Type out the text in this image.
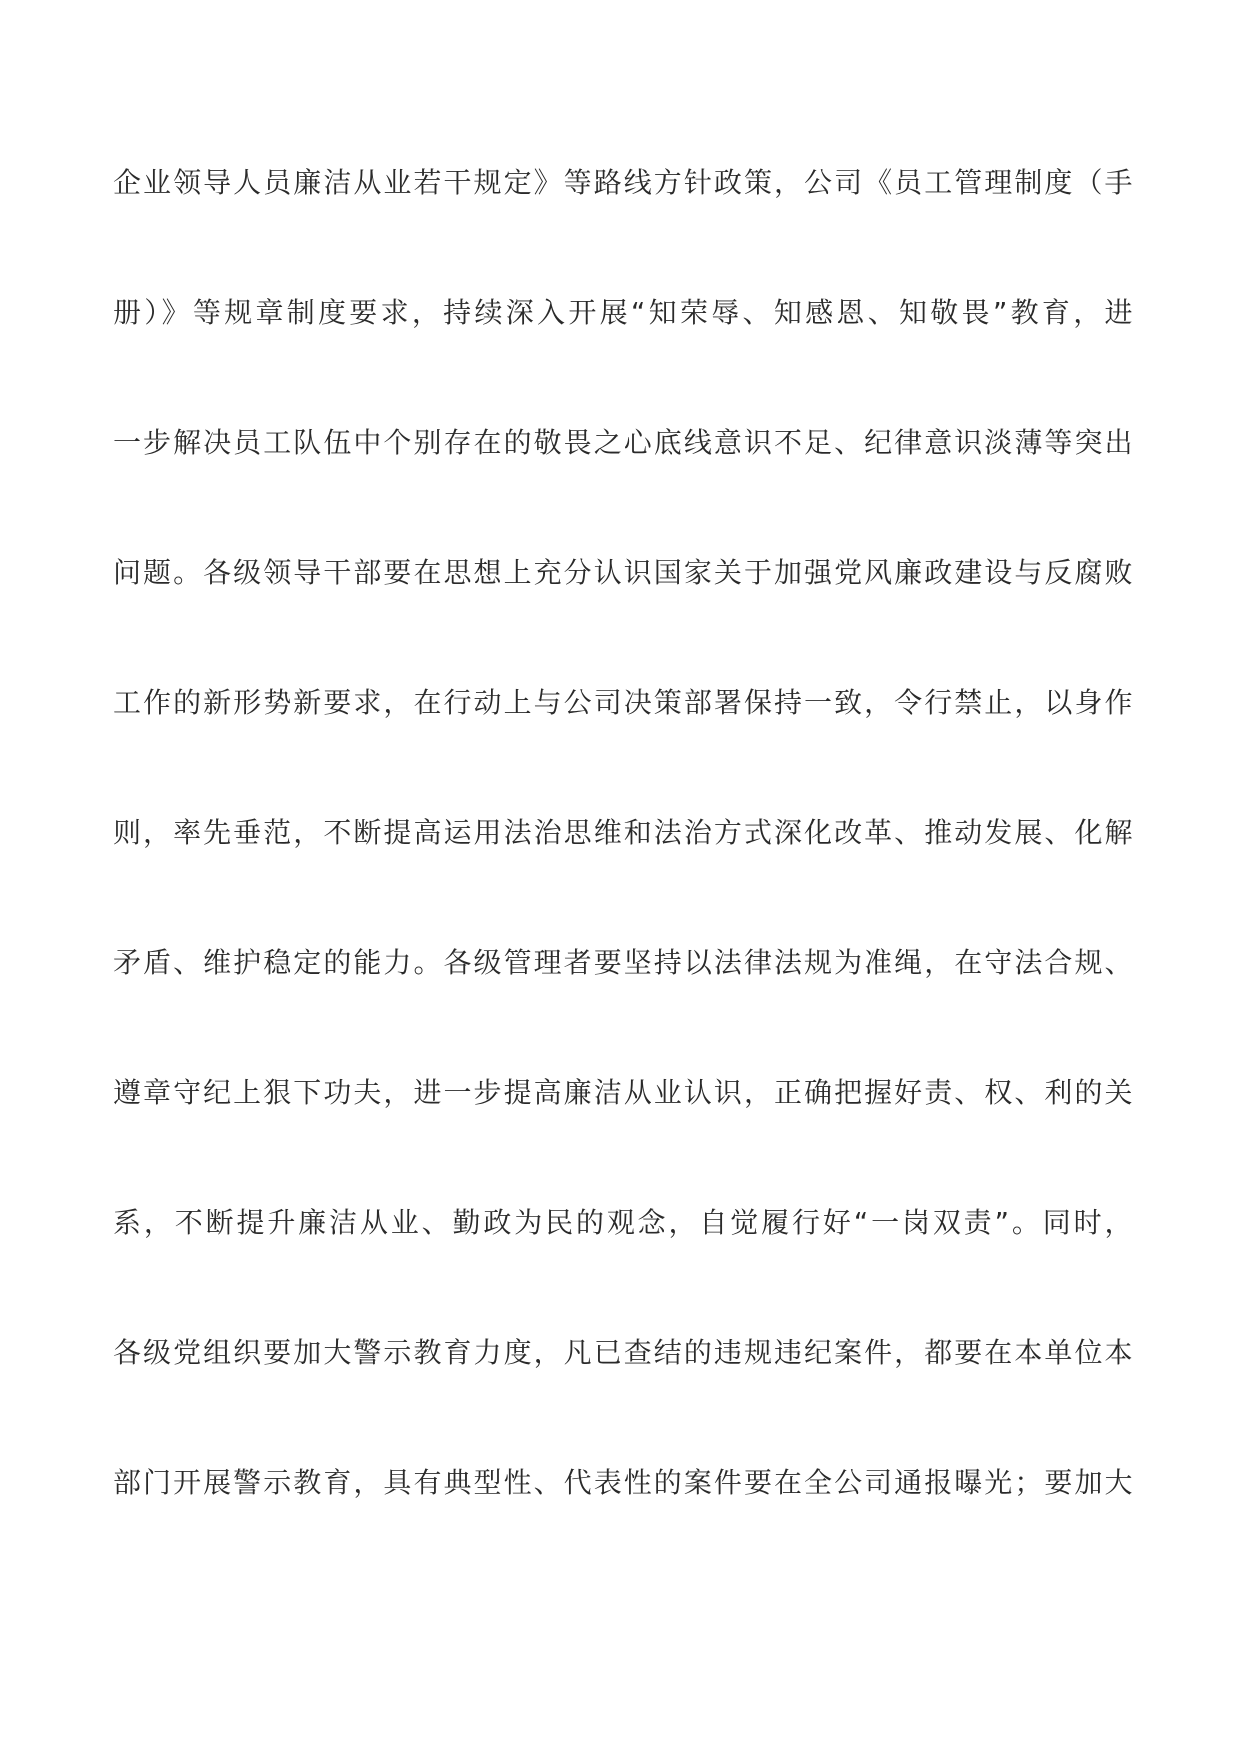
企业领导人员廉洁从业若干规定》等路线方针政策，公司《员工管理制度（手
册）》等规章制度要求，持续深入开展“知荣辱、知感恩、知敬畏”教育，进
一步解决员工队伍中个别存在的敬畏之心底线意识不足、纪律意识淡薄等突出
问题。各级领导干部要在思想上充分认识国家关于加强党风廉政建设与反腐败
工作的新形势新要求，在行动上与公司决策部署保持一致，令行禁止，以身作
则，率先垂范，不断提高运用法治思维和法治方式深化改革、推动发展、化解
矛盾、维护稳定的能力。各级管理者要坚持以法律法规为准绳，在守法合规、
遵章守纪上狠下功夫，进一步提高廉洁从业认识，正确把握好责、权、利的关
系，不断提升廉洁从业、勤政为民的观念，自觉履行好“一岗双责”。同时，
各级党组织要加大警示教育力度，凡已查结的违规违纪案件，都要在本单位本
部门开展警示教育，具有典型性、代表性的案件要在全公司通报曝光；要加大
